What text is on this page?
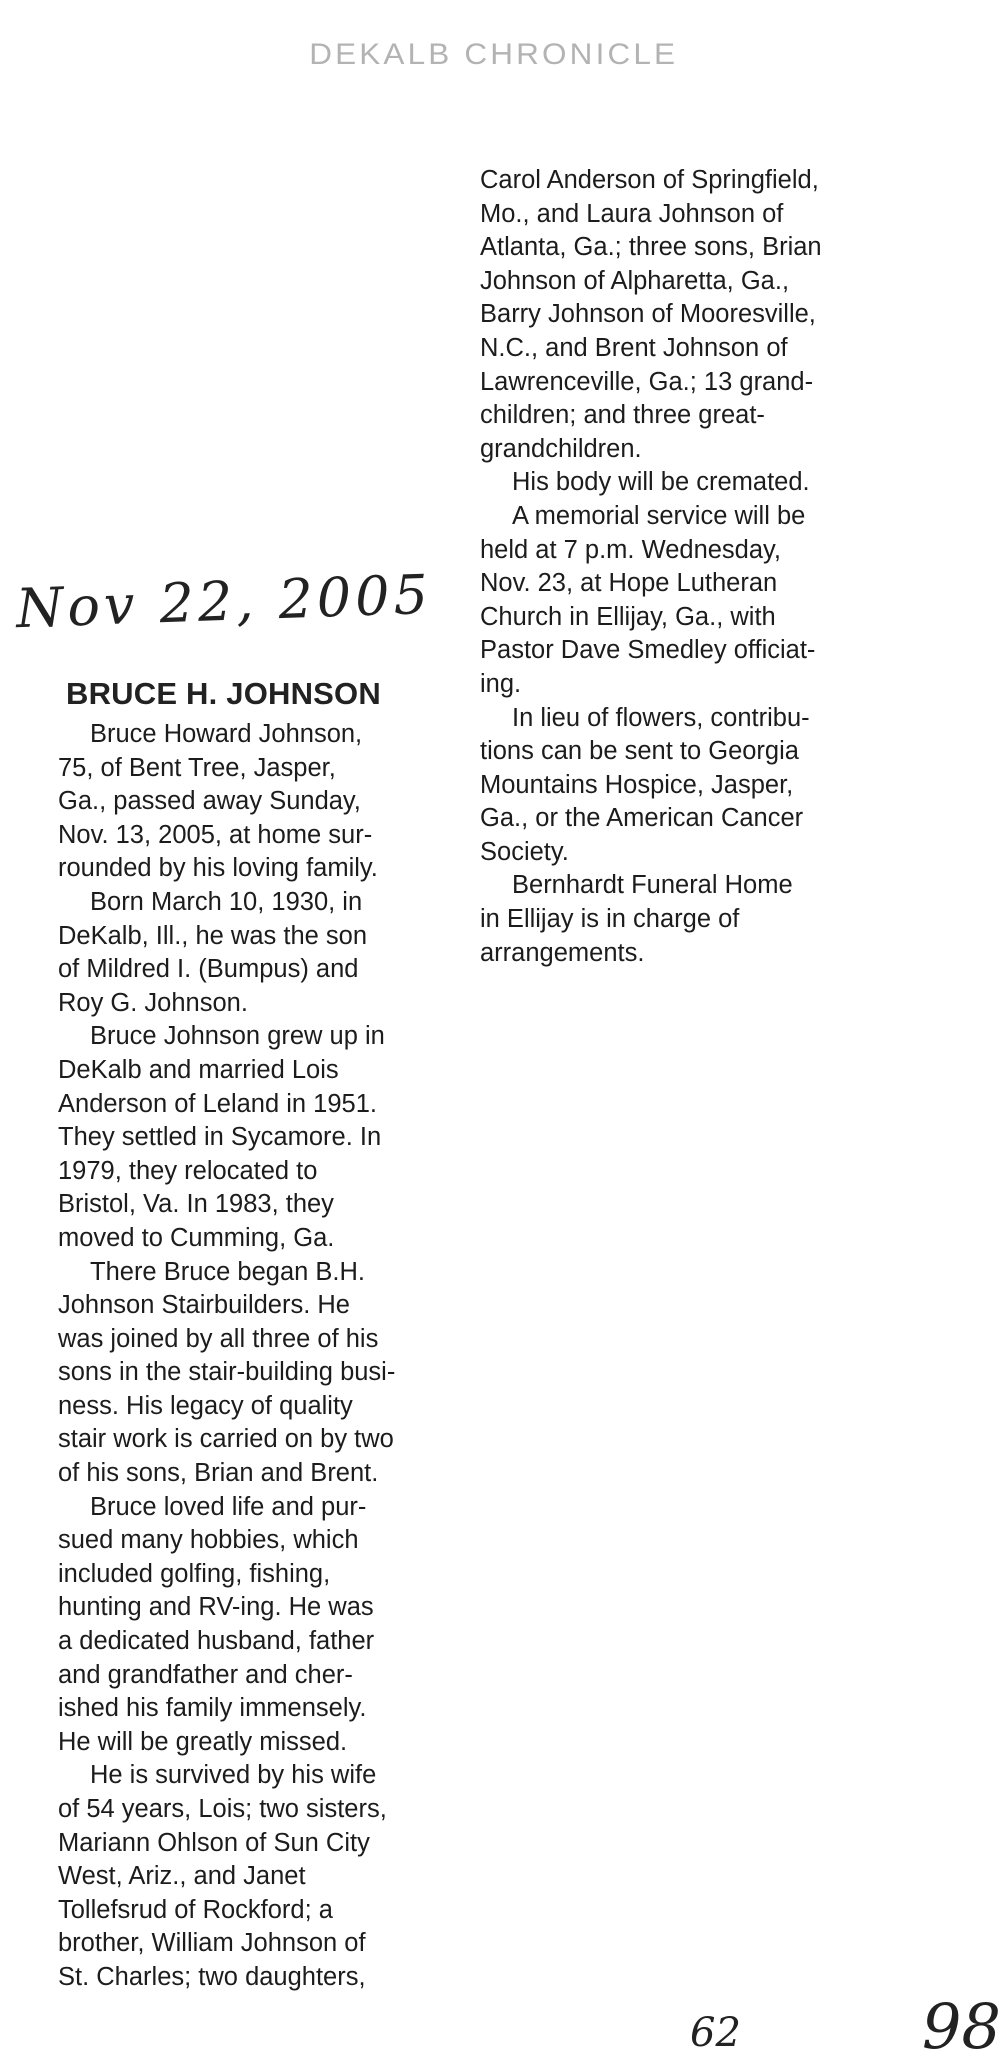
DEKALB CHRONICLE
Nov 22, 2005
62	98
BRUCE H. JOHNSON
Bruce Howard Johnson,
75, of Bent Tree, Jasper,
Ga., passed away Sunday,
Nov. 13, 2005, at home sur-
rounded by his loving family.
Born March 10, 1930, in
DeKalb, Ill., he was the son
of Mildred I. (Bumpus) and
Roy G. Johnson.
Bruce Johnson grew up in
DeKalb and married Lois
Anderson of Leland in 1951.
They settled in Sycamore. In
1979, they relocated to
Bristol, Va. In 1983, they
moved to Cumming, Ga.
There Bruce began B.H.
Johnson Stairbuilders. He
was joined by all three of his
sons in the stair-building busi-
ness. His legacy of quality
stair work is carried on by two
of his sons, Brian and Brent.
Bruce loved life and pur-
sued many hobbies, which
included golfing, fishing,
hunting and RV-ing. He was
a dedicated husband, father
and grandfather and cher-
ished his family immensely.
He will be greatly missed.
He is survived by his wife
of 54 years, Lois; two sisters,
Mariann Ohlson of Sun City
West, Ariz., and Janet
Tollefsrud of Rockford; a
brother, William Johnson of
St. Charles; two daughters,
Carol Anderson of Springfield,
Mo., and Laura Johnson of
Atlanta, Ga.; three sons, Brian
Johnson of Alpharetta, Ga.,
Barry Johnson of Mooresville,
N.C., and Brent Johnson of
Lawrenceville, Ga.; 13 grand-
children; and three great-
grandchildren.
His body will be cremated.
A memorial service will be
held at 7 p.m. Wednesday,
Nov. 23, at Hope Lutheran
Church in Ellijay, Ga., with
Pastor Dave Smedley officiat-
ing.
In lieu of flowers, contribu-
tions can be sent to Georgia
Mountains Hospice, Jasper,
Ga., or the American Cancer
Society.
Bernhardt Funeral Home
in Ellijay is in charge of
arrangements.
